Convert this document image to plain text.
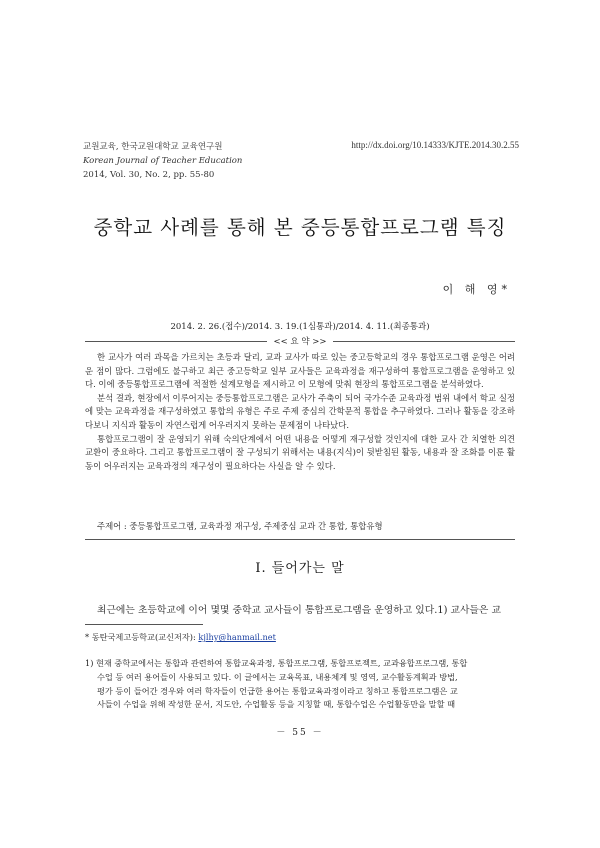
교원교육, 한국교원대학교 교육연구원
Korean Journal of Teacher Education
2014, Vol. 30, No. 2, pp. 55-80
http://dx.doi.org/10.14333/KJTE.2014.30.2.55
중학교 사례를 통해 본 중등통합프로그램 특징
이 해 영*
2014. 2. 26.(접수)/2014. 3. 19.(1심통과)/2014. 4. 11.(최종통과)
<< 요 약 >>

한 교사가 여러 과목을 가르치는 초등과 달리, 교과 교사가 따로 있는 중고등학교의 경우 통합프로그램 운영은 어려운 점이 많다. 그럼에도 불구하고 최근 중고등학교 일부 교사들은 교육과정을 재구성하여 통합프로그램을 운영하고 있다. 이에 중등통합프로그램에 적절한 설계모형을 제시하고 이 모형에 맞춰 현장의 통합프로그램을 분석하였다.

분석 결과, 현장에서 이루어지는 중등통합프로그램은 교사가 주축이 되어 국가수준 교육과정 범위 내에서 학교 실정에 맞는 교육과정을 재구성하였고 통합의 유형은 주로 주제 중심의 간학문적 통합을 추구하였다. 그러나 활동을 강조하다보니 지식과 활동이 자연스럽게 어우러지지 못하는 문제점이 나타났다.

통합프로그램이 잘 운영되기 위해 숙의단계에서 어떤 내용을 어떻게 재구성할 것인지에 대한 교사 간 치열한 의견 교환이 중요하다. 그리고 통합프로그램이 잘 구성되기 위해서는 내용(지식)이 뒷받침된 활동, 내용과 잘 조화를 이룬 활동이 어우러지는 교육과정의 재구성이 필요하다는 사실을 알 수 있다.

주제어 : 중등통합프로그램, 교육과정 재구성, 주제중심 교과 간 통합, 통합유형
Ⅰ. 들어가는 말
최근에는 초등학교에 이어 몇몇 중학교 교사들이 통합프로그램을 운영하고 있다.1) 교사들은 교
* 동탄국제고등학교(교신저자): kjlhy@hanmail.net
1) 현재 중학교에서는 통합과 관련하여 통합교육과정, 통합프로그램, 통합프로젝트, 교과융합프로그램, 통합
수업 등 여러 용어들이 사용되고 있다. 이 글에서는 교육목표, 내용체계 및 영역, 교수활동계획과 방법,
평가 등이 들어간 경우와 여러 학자들이 언급한 용어는 통합교육과정이라고 칭하고 통합프로그램은 교
사들이 수업을 위해 작성한 문서, 지도안, 수업활동 등을 지칭할 때, 통합수업은 수업활동만을 말할 때
－ 55 －
